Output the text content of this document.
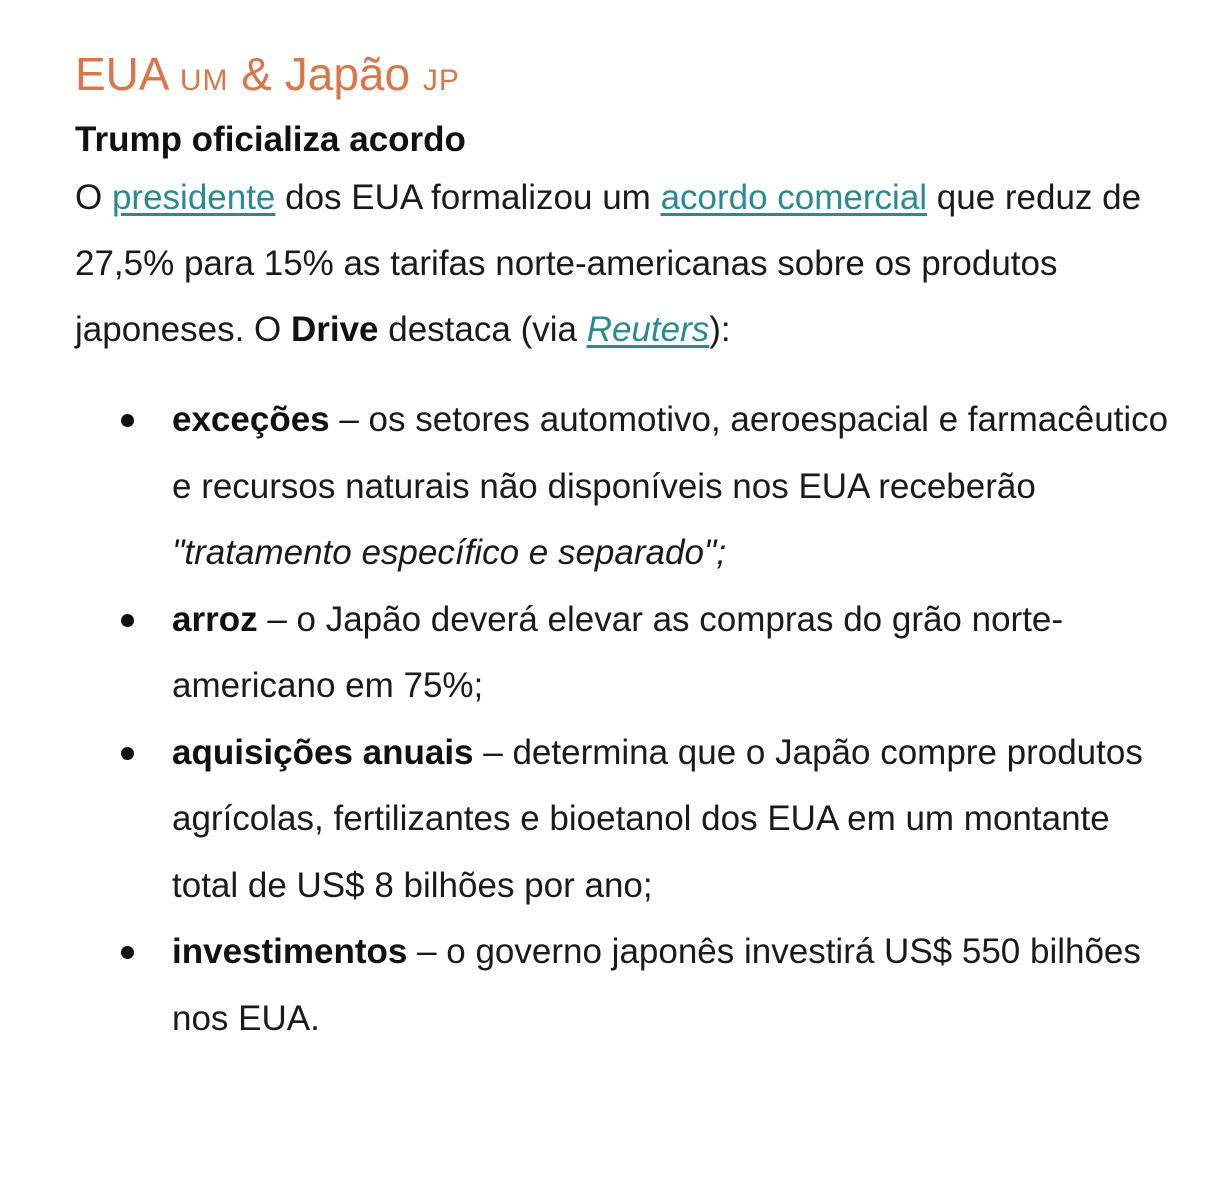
EUA UM & Japão JP
Trump oficializa acordo

O presidente dos EUA formalizou um acordo comercial que reduz de 27,5% para 15% as tarifas norte-americanas sobre os produtos japoneses. O Drive destaca (via Reuters):

exceções – os setores automotivo, aeroespacial e farmacêutico e recursos naturais não disponíveis nos EUA receberão "tratamento específico e separado";
arroz – o Japão deverá elevar as compras do grão norte-americano em 75%;
aquisições anuais – determina que o Japão compre produtos agrícolas, fertilizantes e bioetanol dos EUA em um montante total de US$ 8 bilhões por ano;
investimentos – o governo japonês investirá US$ 550 bilhões nos EUA.
